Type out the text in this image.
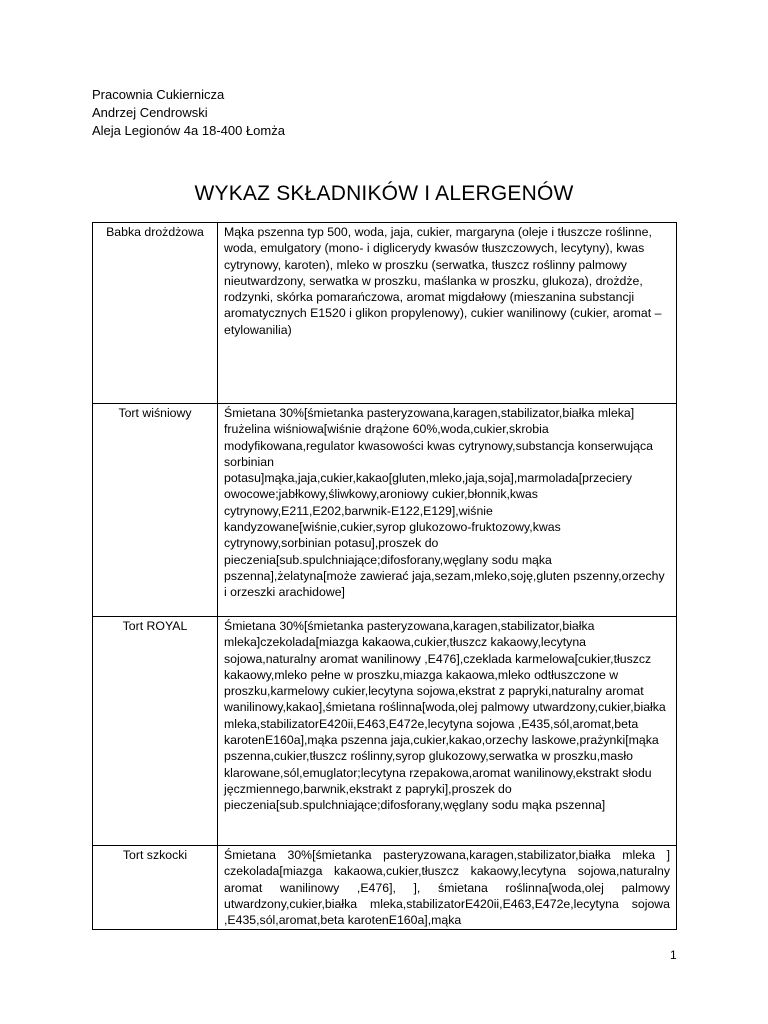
Pracownia Cukiernicza
Andrzej Cendrowski
Aleja Legionów 4a 18-400 Łomża
WYKAZ SKŁADNIKÓW I ALERGENÓW
Babka drożdżowa	Mąka pszenna typ 500, woda, jaja, cukier, margaryna (oleje i tłuszcze roślinne, woda, emulgatory (mono- i diglicerydy kwasów tłuszczowych, lecytyny), kwas cytrynowy, karoten), mleko w proszku (serwatka, tłuszcz roślinny palmowy nieutwardzony, serwatka w proszku, maślanka w proszku, glukoza), drożdże, rodzynki, skórka pomarańczowa, aromat migdałowy (mieszanina substancji aromatycznych E1520 i glikon propylenowy), cukier wanilinowy (cukier, aromat – etylowanilia)
Tort wiśniowy	Śmietana 30%[śmietanka pasteryzowana,karagen,stabilizator,białka mleka] frużelina wiśniowa[wiśnie drążone 60%,woda,cukier,skrobia modyfikowana,regulator kwasowości kwas cytrynowy,substancja konserwująca sorbinian potasu]mąka,jaja,cukier,kakao[gluten,mleko,jaja,soja],marmolada[przeciery owocowe;jabłkowy,śliwkowy,aroniowy cukier,błonnik,kwas cytrynowy,E211,E202,barwnik-E122,E129],wiśnie kandyzowane[wiśnie,cukier,syrop glukozowo-fruktozowy,kwas cytrynowy,sorbinian potasu],proszek do pieczenia[sub.spulchniające;difosforany,węglany sodu mąka pszenna],żelatyna[może zawierać jaja,sezam,mleko,soję,gluten pszenny,orzechy i orzeszki arachidowe]
Tort ROYAL	Śmietana 30%[śmietanka pasteryzowana,karagen,stabilizator,białka mleka]czekolada[miazga kakaowa,cukier,tłuszcz kakaowy,lecytyna sojowa,naturalny aromat wanilinowy ,E476],czeklada karmelowa[cukier,tłuszcz kakaowy,mleko pełne w proszku,miazga kakaowa,mleko odtłuszczone w proszku,karmelowy cukier,lecytyna sojowa,ekstrat z papryki,naturalny aromat wanilinowy,kakao],śmietana roślinna[woda,olej palmowy utwardzony,cukier,białka mleka,stabilizatorE420ii,E463,E472e,lecytyna sojowa ,E435,sól,aromat,beta karotenE160a],mąka pszenna jaja,cukier,kakao,orzechy laskowe,prażynki[mąka pszenna,cukier,tłuszcz roślinny,syrop glukozowy,serwatka w proszku,masło klarowane,sól,emuglator;lecytyna rzepakowa,aromat wanilinowy,ekstrakt słodu jęczmiennego,barwnik,ekstrakt z papryki],proszek do pieczenia[sub.spulchniające;difosforany,węglany sodu mąka pszenna]
Tort szkocki	Śmietana 30%[śmietanka pasteryzowana,karagen,stabilizator,białka mleka ] czekolada[miazga kakaowa,cukier,tłuszcz kakaowy,lecytyna sojowa,naturalny aromat wanilinowy ,E476], ], śmietana roślinna[woda,olej palmowy utwardzony,cukier,białka mleka,stabilizatorE420ii,E463,E472e,lecytyna sojowa ,E435,sól,aromat,beta karotenE160a],mąka
1
